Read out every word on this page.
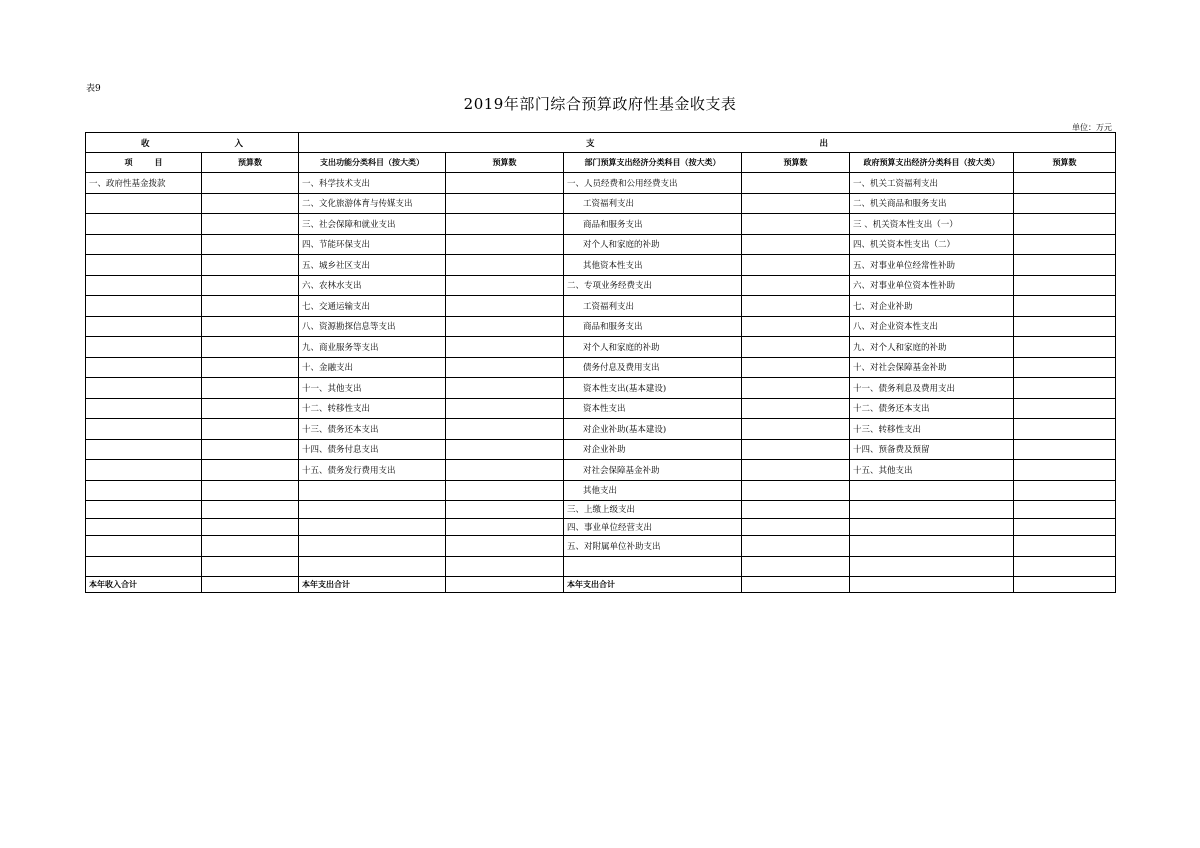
表9
2019年部门综合预算政府性基金收支表
单位：万元
收 入		支 出					
项 目	预算数	支出功能分类科目（按大类）	预算数	部门预算支出经济分类科目（按大类）	预算数	政府预算支出经济分类科目（按大类）	预算数
一、政府性基金拨款		一、科学技术支出		一、人员经费和公用经费支出		一、机关工资福利支出	
		二、文化旅游体育与传媒支出		工资福利支出		二、机关商品和服务支出	
		三、社会保障和就业支出		商品和服务支出		三 、机关资本性支出（一）	
		四、节能环保支出		对个人和家庭的补助		四、机关资本性支出（二）	
		五、城乡社区支出		其他资本性支出		五、对事业单位经常性补助	
		六、农林水支出		二、专项业务经费支出		六、对事业单位资本性补助	
		七、交通运输支出		工资福利支出		七、对企业补助	
		八、资源勘探信息等支出		商品和服务支出		八、对企业资本性支出	
		九、商业服务等支出		对个人和家庭的补助		九、对个人和家庭的补助	
		十、金融支出		债务付息及费用支出		十、对社会保障基金补助	
		十一、其他支出		资本性支出(基本建设)		十一、债务利息及费用支出	
		十二、转移性支出		资本性支出		十二、债务还本支出	
		十三、债务还本支出		对企业补助(基本建设)		十三、转移性支出	
		十四、债务付息支出		对企业补助		十四、预备费及预留	
		十五、债务发行费用支出		对社会保障基金补助		十五、其他支出	
				其他支出			
				三、上缴上级支出			
				四、事业单位经营支出			
				五、对附属单位补助支出			

本年收入合计		本年支出合计		本年支出合计			
